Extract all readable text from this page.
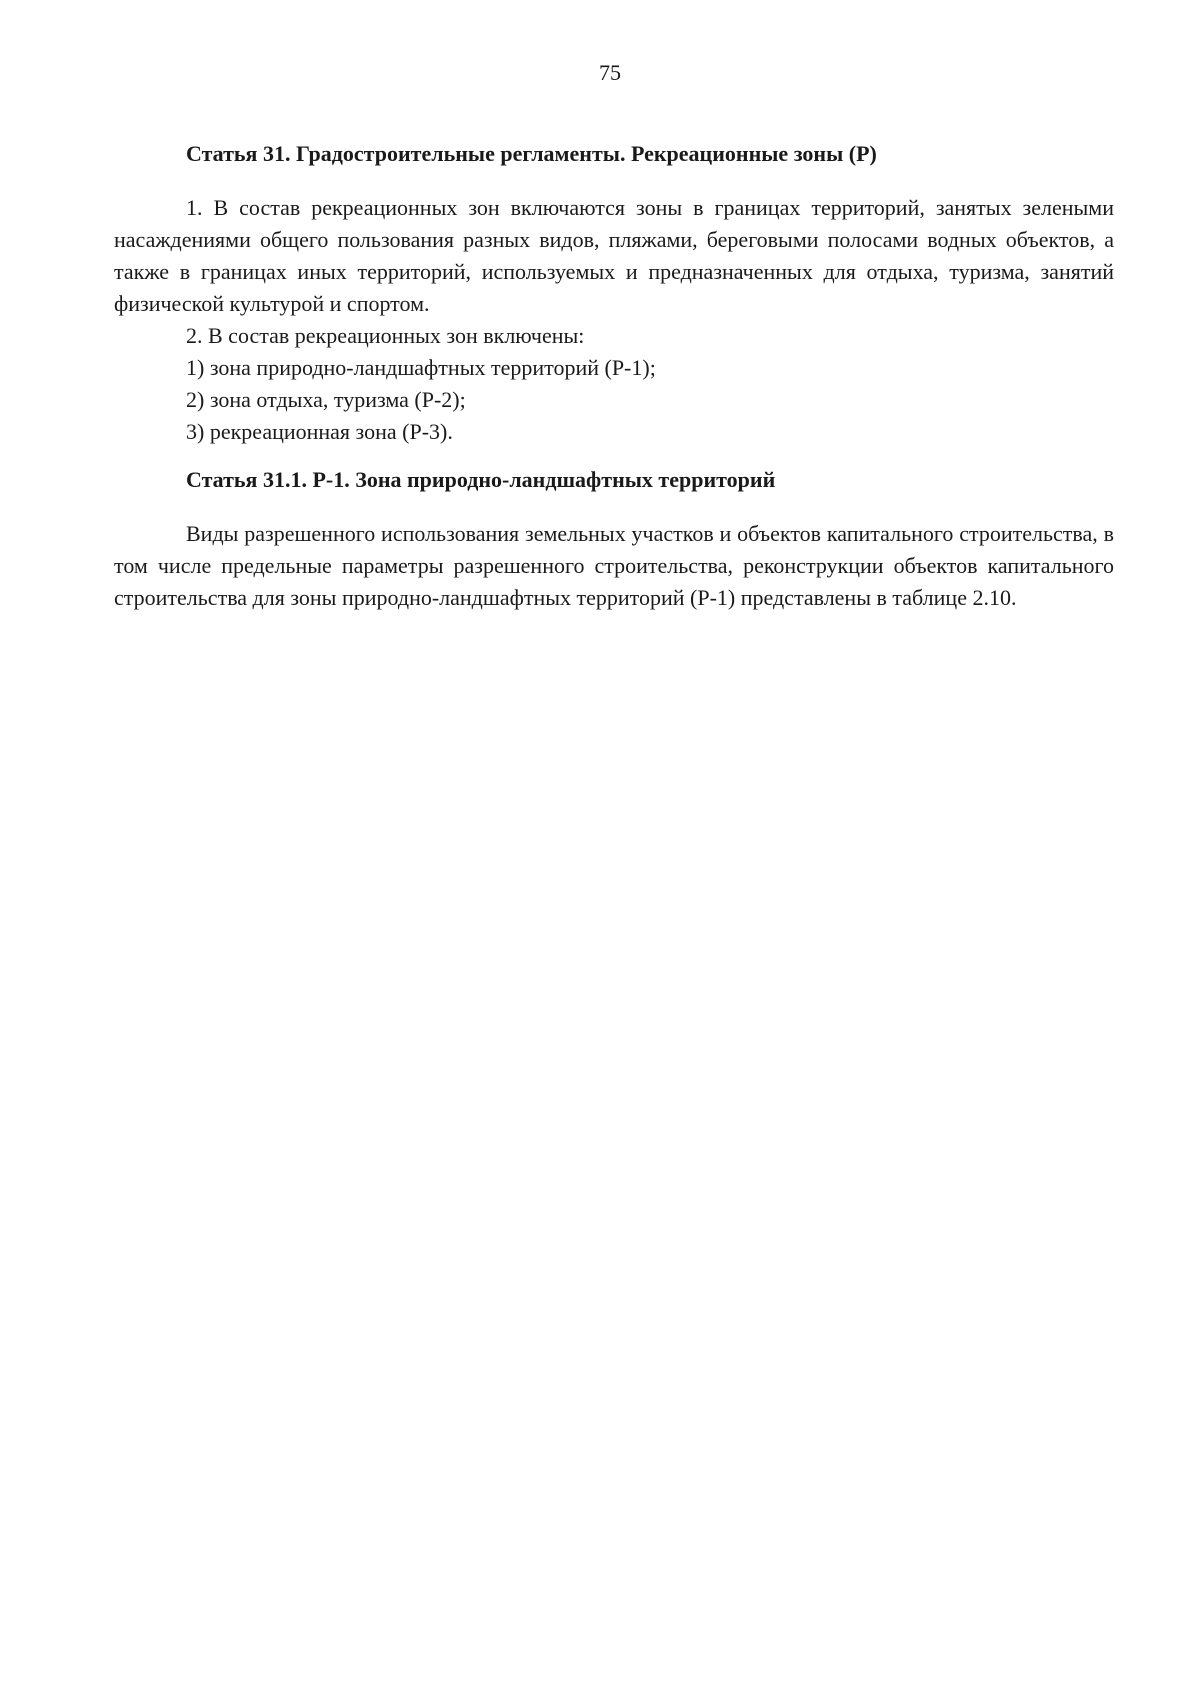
75
Статья 31. Градостроительные регламенты. Рекреационные зоны (Р)

1. В состав рекреационных зон включаются зоны в границах территорий, занятых зелеными насаждениями общего пользования разных видов, пляжами, береговыми полосами водных объектов, а также в границах иных территорий, используемых и предназначенных для отдыха, туризма, занятий физической культурой и спортом.

2. В состав рекреационных зон включены:

1) зона природно-ландшафтных территорий (Р-1);

2) зона отдыха, туризма (Р-2);

3) рекреационная зона (Р-3).

Статья 31.1. Р-1. Зона природно-ландшафтных территорий

Виды разрешенного использования земельных участков и объектов капитального строительства, в том числе предельные параметры разрешенного строительства, реконструкции объектов капитального строительства для зоны природно-ландшафтных территорий (Р-1) представлены в таблице 2.10.
